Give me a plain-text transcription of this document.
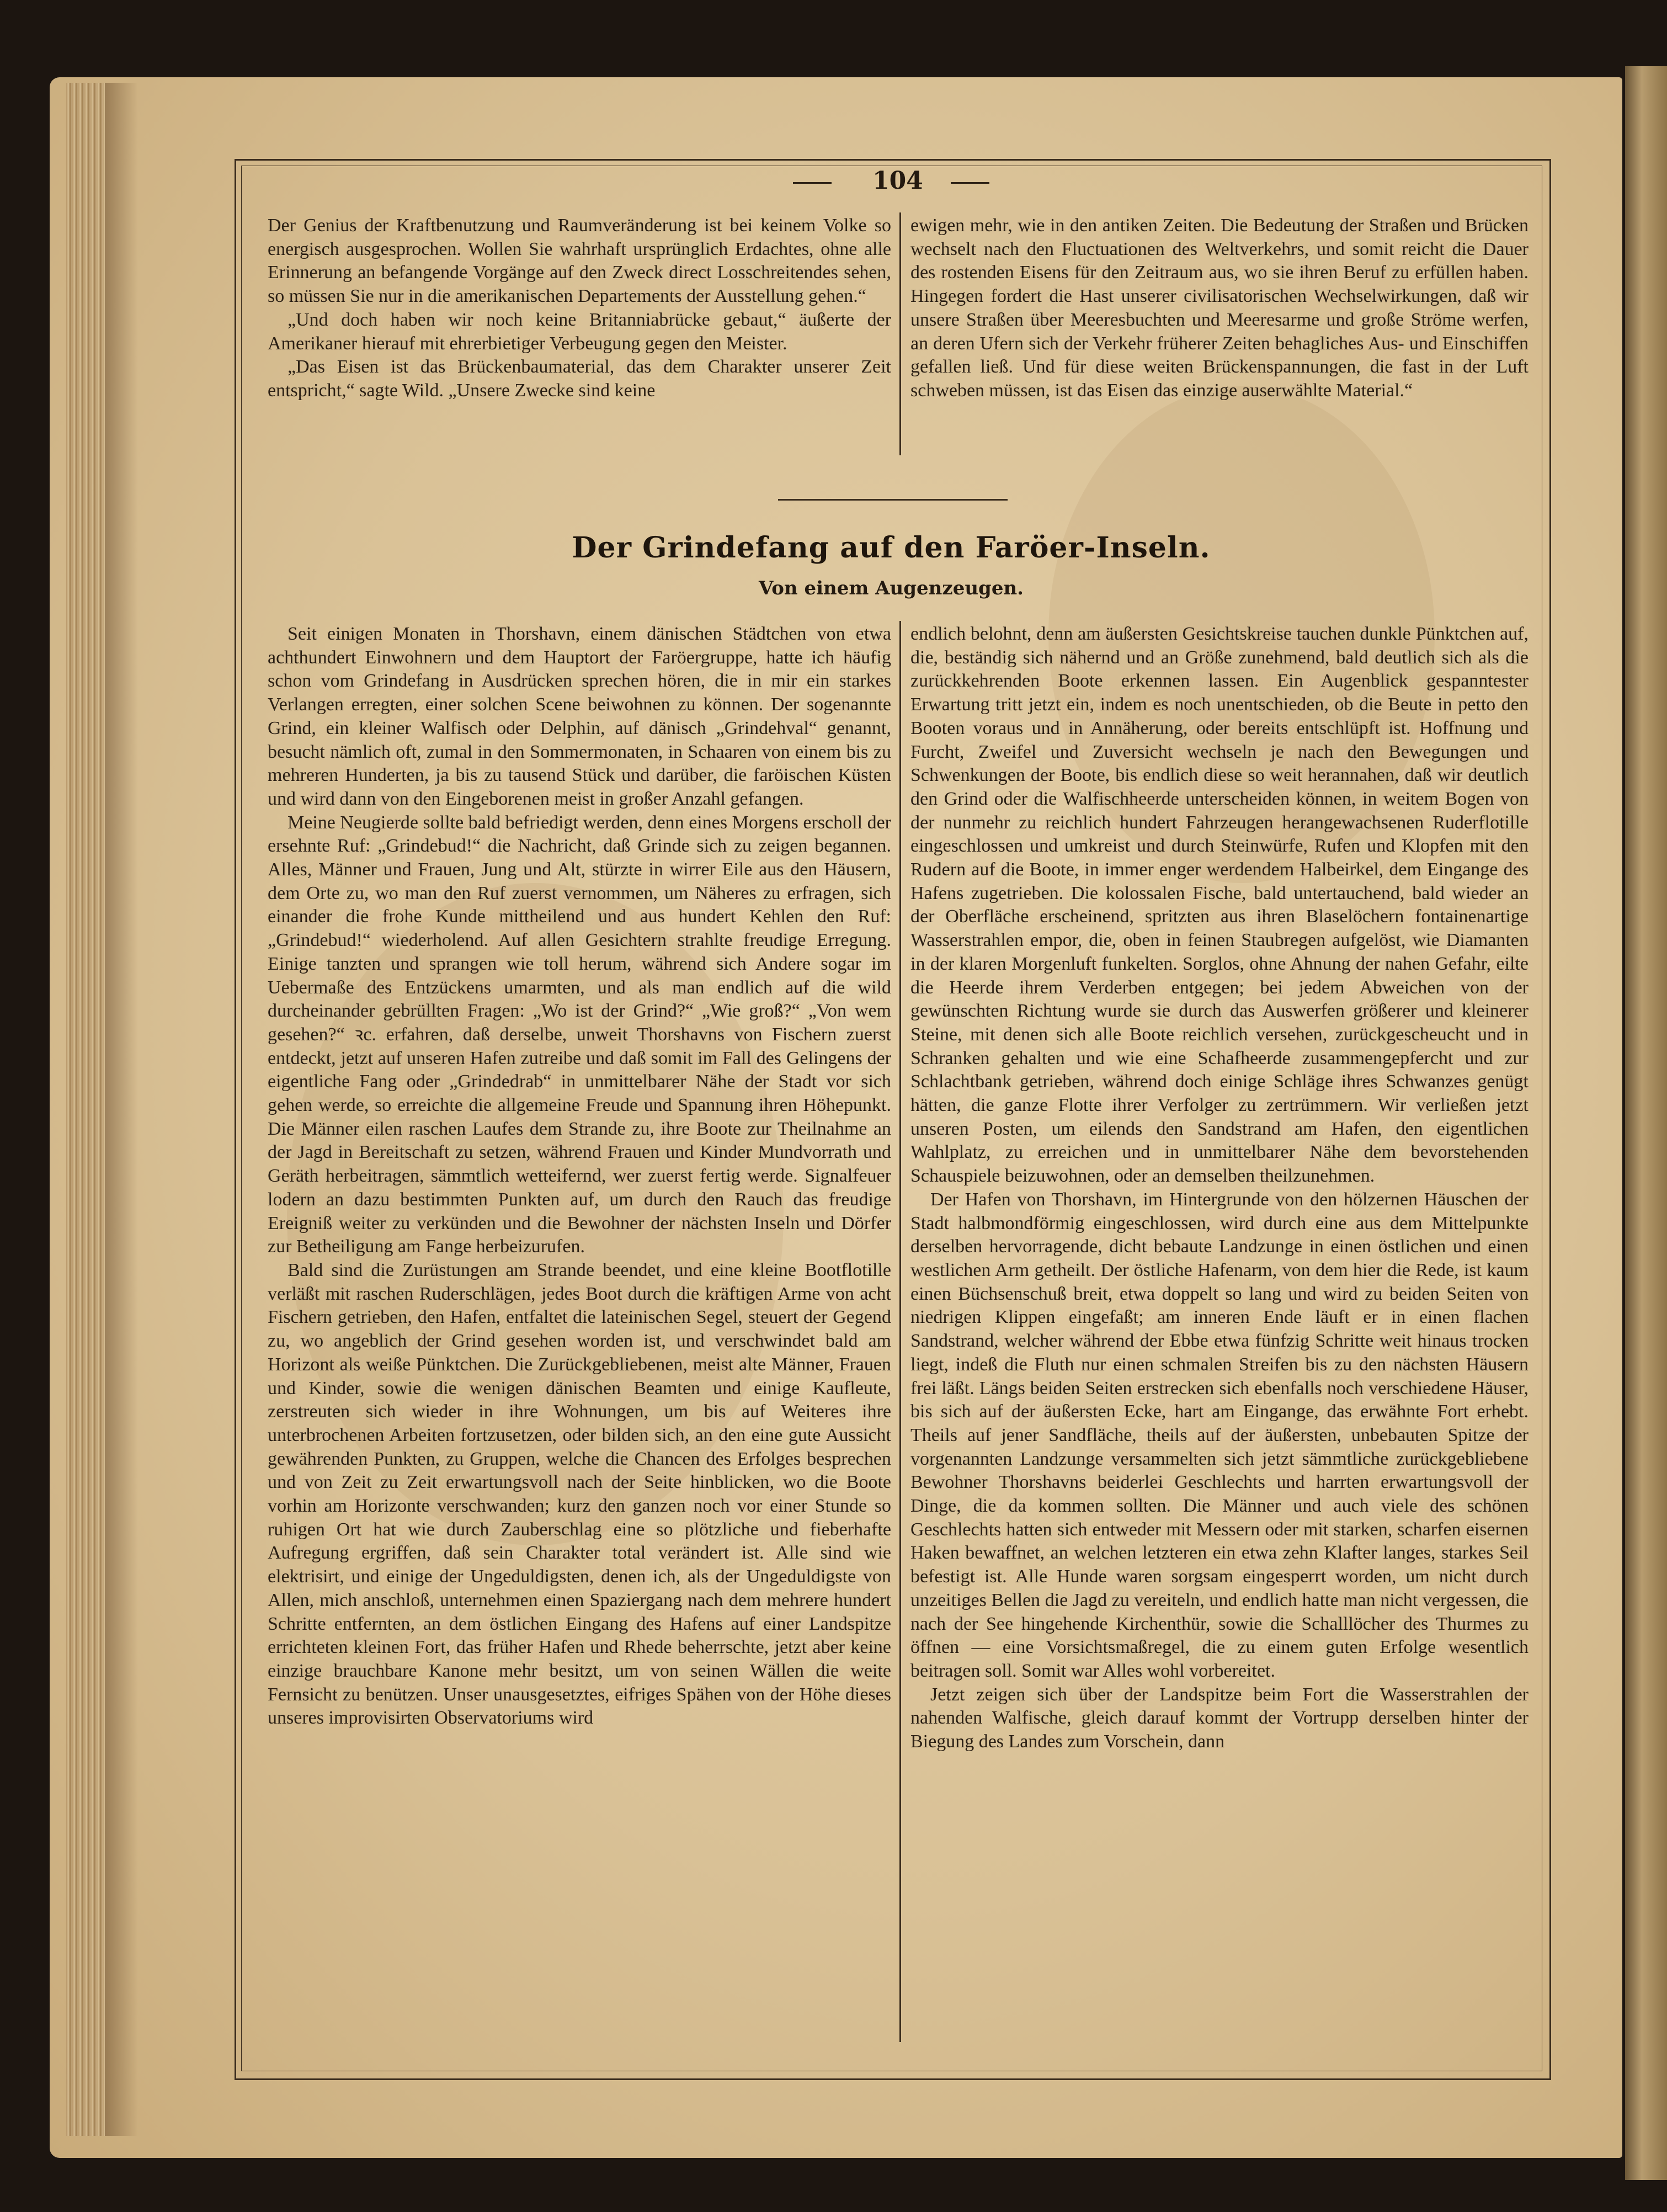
104

Der Genius der Kraftbenutzung und Raumveränderung ist bei keinem Volke so energisch ausgesprochen. Wollen Sie wahrhaft ursprünglich Erdachtes, ohne alle Erinnerung an befangende Vorgänge auf den Zweck direct Losschreitendes sehen, so müssen Sie nur in die amerikanischen Departements der Ausstellung gehen.“

„Und doch haben wir noch keine Britanniabrücke gebaut,“ äußerte der Amerikaner hierauf mit ehrerbietiger Verbeugung gegen den Meister.

„Das Eisen ist das Brückenbaumaterial, das dem Charakter unserer Zeit entspricht,“ sagte Wild. „Unsere Zwecke sind keine

ewigen mehr, wie in den antiken Zeiten. Die Bedeutung der Straßen und Brücken wechselt nach den Fluctuationen des Weltverkehrs, und somit reicht die Dauer des rostenden Eisens für den Zeitraum aus, wo sie ihren Beruf zu erfüllen haben. Hingegen fordert die Hast unserer civilisatorischen Wechselwirkungen, daß wir unsere Straßen über Meeresbuchten und Meeresarme und große Ströme werfen, an deren Ufern sich der Verkehr früherer Zeiten behagliches Aus- und Einschiffen gefallen ließ. Und für diese weiten Brückenspannungen, die fast in der Luft schweben müssen, ist das Eisen das einzige auserwählte Material.“

Der Grindefang auf den Faröer-Inseln.
Von einem Augenzeugen.

Seit einigen Monaten in Thorshavn, einem dänischen Städtchen von etwa achthundert Einwohnern und dem Hauptort der Faröergruppe, hatte ich häufig schon vom Grindefang in Ausdrücken sprechen hören, die in mir ein starkes Verlangen erregten, einer solchen Scene beiwohnen zu können. Der sogenannte Grind, ein kleiner Walfisch oder Delphin, auf dänisch „Grindehval“ genannt, besucht nämlich oft, zumal in den Sommermonaten, in Schaaren von einem bis zu mehreren Hunderten, ja bis zu tausend Stück und darüber, die faröischen Küsten und wird dann von den Eingeborenen meist in großer Anzahl gefangen.

Meine Neugierde sollte bald befriedigt werden, denn eines Morgens erscholl der ersehnte Ruf: „Grindebud!“ die Nachricht, daß Grinde sich zu zeigen begannen. Alles, Männer und Frauen, Jung und Alt, stürzte in wirrer Eile aus den Häusern, dem Orte zu, wo man den Ruf zuerst vernommen, um Näheres zu erfragen, sich einander die frohe Kunde mittheilend und aus hundert Kehlen den Ruf: „Grindebud!“ wiederholend. Auf allen Gesichtern strahlte freudige Erregung. Einige tanzten und sprangen wie toll herum, während sich Andere sogar im Uebermaße des Entzückens umarmten, und als man endlich auf die wild durcheinander gebrüllten Fragen: „Wo ist der Grind?“ „Wie groß?“ „Von wem gesehen?“ ꝛc. erfahren, daß derselbe, unweit Thorshavns von Fischern zuerst entdeckt, jetzt auf unseren Hafen zutreibe und daß somit im Fall des Gelingens der eigentliche Fang oder „Grindedrab“ in unmittelbarer Nähe der Stadt vor sich gehen werde, so erreichte die allgemeine Freude und Spannung ihren Höhepunkt. Die Männer eilen raschen Laufes dem Strande zu, ihre Boote zur Theilnahme an der Jagd in Bereitschaft zu setzen, während Frauen und Kinder Mundvorrath und Geräth herbeitragen, sämmtlich wetteifernd, wer zuerst fertig werde. Signalfeuer lodern an dazu bestimmten Punkten auf, um durch den Rauch das freudige Ereigniß weiter zu verkünden und die Bewohner der nächsten Inseln und Dörfer zur Betheiligung am Fange herbeizurufen.

Bald sind die Zurüstungen am Strande beendet, und eine kleine Bootflotille verläßt mit raschen Ruderschlägen, jedes Boot durch die kräftigen Arme von acht Fischern getrieben, den Hafen, entfaltet die lateinischen Segel, steuert der Gegend zu, wo angeblich der Grind gesehen worden ist, und verschwindet bald am Horizont als weiße Pünktchen. Die Zurückgebliebenen, meist alte Männer, Frauen und Kinder, sowie die wenigen dänischen Beamten und einige Kaufleute, zerstreuten sich wieder in ihre Wohnungen, um bis auf Weiteres ihre unterbrochenen Arbeiten fortzusetzen, oder bilden sich, an den eine gute Aussicht gewährenden Punkten, zu Gruppen, welche die Chancen des Erfolges besprechen und von Zeit zu Zeit erwartungsvoll nach der Seite hinblicken, wo die Boote vorhin am Horizonte verschwanden; kurz den ganzen noch vor einer Stunde so ruhigen Ort hat wie durch Zauberschlag eine so plötzliche und fieberhafte Aufregung ergriffen, daß sein Charakter total verändert ist. Alle sind wie elektrisirt, und einige der Ungeduldigsten, denen ich, als der Ungeduldigste von Allen, mich anschloß, unternehmen einen Spaziergang nach dem mehrere hundert Schritte entfernten, an dem östlichen Eingang des Hafens auf einer Landspitze errichteten kleinen Fort, das früher Hafen und Rhede beherrschte, jetzt aber keine einzige brauchbare Kanone mehr besitzt, um von seinen Wällen die weite Fernsicht zu benützen. Unser unausgesetztes, eifriges Spähen von der Höhe dieses unseres improvisirten Observatoriums wird

endlich belohnt, denn am äußersten Gesichtskreise tauchen dunkle Pünktchen auf, die, beständig sich nähernd und an Größe zunehmend, bald deutlich sich als die zurückkehrenden Boote erkennen lassen. Ein Augenblick gespanntester Erwartung tritt jetzt ein, indem es noch unentschieden, ob die Beute in petto den Booten voraus und in Annäherung, oder bereits entschlüpft ist. Hoffnung und Furcht, Zweifel und Zuversicht wechseln je nach den Bewegungen und Schwenkungen der Boote, bis endlich diese so weit herannahen, daß wir deutlich den Grind oder die Walfischheerde unterscheiden können, in weitem Bogen von der nunmehr zu reichlich hundert Fahrzeugen herangewachsenen Ruderflotille eingeschlossen und umkreist und durch Steinwürfe, Rufen und Klopfen mit den Rudern auf die Boote, in immer enger werdendem Halbeirkel, dem Eingange des Hafens zugetrieben. Die kolossalen Fische, bald untertauchend, bald wieder an der Oberfläche erscheinend, spritzten aus ihren Blaselöchern fontainenartige Wasserstrahlen empor, die, oben in feinen Staubregen aufgelöst, wie Diamanten in der klaren Morgenluft funkelten. Sorglos, ohne Ahnung der nahen Gefahr, eilte die Heerde ihrem Verderben entgegen; bei jedem Abweichen von der gewünschten Richtung wurde sie durch das Auswerfen größerer und kleinerer Steine, mit denen sich alle Boote reichlich versehen, zurückgescheucht und in Schranken gehalten und wie eine Schafheerde zusammengepfercht und zur Schlachtbank getrieben, während doch einige Schläge ihres Schwanzes genügt hätten, die ganze Flotte ihrer Verfolger zu zertrümmern. Wir verließen jetzt unseren Posten, um eilends den Sandstrand am Hafen, den eigentlichen Wahlplatz, zu erreichen und in unmittelbarer Nähe dem bevorstehenden Schauspiele beizuwohnen, oder an demselben theilzunehmen.

Der Hafen von Thorshavn, im Hintergrunde von den hölzernen Häuschen der Stadt halbmondförmig eingeschlossen, wird durch eine aus dem Mittelpunkte derselben hervorragende, dicht bebaute Landzunge in einen östlichen und einen westlichen Arm getheilt. Der östliche Hafenarm, von dem hier die Rede, ist kaum einen Büchsenschuß breit, etwa doppelt so lang und wird zu beiden Seiten von niedrigen Klippen eingefaßt; am inneren Ende läuft er in einen flachen Sandstrand, welcher während der Ebbe etwa fünfzig Schritte weit hinaus trocken liegt, indeß die Fluth nur einen schmalen Streifen bis zu den nächsten Häusern frei läßt. Längs beiden Seiten erstrecken sich ebenfalls noch verschiedene Häuser, bis sich auf der äußersten Ecke, hart am Eingange, das erwähnte Fort erhebt. Theils auf jener Sandfläche, theils auf der äußersten, unbebauten Spitze der vorgenannten Landzunge versammelten sich jetzt sämmtliche zurückgebliebene Bewohner Thorshavns beiderlei Geschlechts und harrten erwartungsvoll der Dinge, die da kommen sollten. Die Männer und auch viele des schönen Geschlechts hatten sich entweder mit Messern oder mit starken, scharfen eisernen Haken bewaffnet, an welchen letzteren ein etwa zehn Klafter langes, starkes Seil befestigt ist. Alle Hunde waren sorgsam eingesperrt worden, um nicht durch unzeitiges Bellen die Jagd zu vereiteln, und endlich hatte man nicht vergessen, die nach der See hingehende Kirchenthür, sowie die Schalllöcher des Thurmes zu öffnen — eine Vorsichtsmaßregel, die zu einem guten Erfolge wesentlich beitragen soll. Somit war Alles wohl vorbereitet.

Jetzt zeigen sich über der Landspitze beim Fort die Wasserstrahlen der nahenden Walfische, gleich darauf kommt der Vortrupp derselben hinter der Biegung des Landes zum Vorschein, dann
